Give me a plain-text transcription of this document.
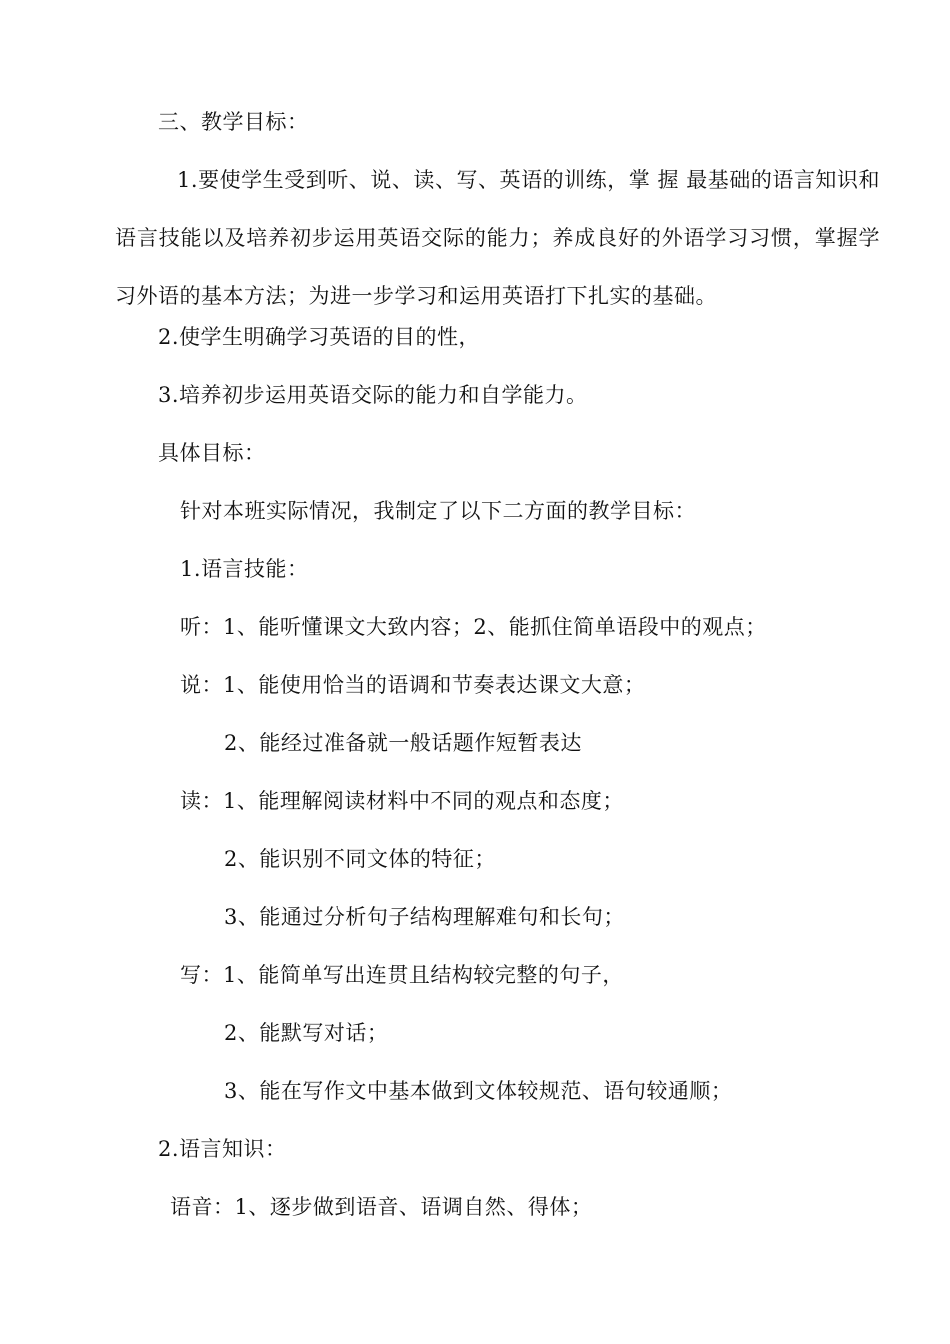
三、教学目标：
1.要使学生受到听、说、读、写、英语的训练，掌 握 最基础的语言知识和语言技能以及培养初步运用英语交际的能力；养成良好的外语学习习惯，掌握学习外语的基本方法；为进一步学习和运用英语打下扎实的基础。
2.使学生明确学习英语的目的性，
3.培养初步运用英语交际的能力和自学能力。
具体目标：
针对本班实际情况，我制定了以下二方面的教学目标：
1.语言技能：
听：1、能听懂课文大致内容；2、能抓住简单语段中的观点；
说：1、能使用恰当的语调和节奏表达课文大意；
2、能经过准备就一般话题作短暂表达
读：1、能理解阅读材料中不同的观点和态度；
2、能识别不同文体的特征；
3、能通过分析句子结构理解难句和长句；
写：1、能简单写出连贯且结构较完整的句子，
2、能默写对话；
3、能在写作文中基本做到文体较规范、语句较通顺；
2.语言知识：
语音：1、逐步做到语音、语调自然、得体；
